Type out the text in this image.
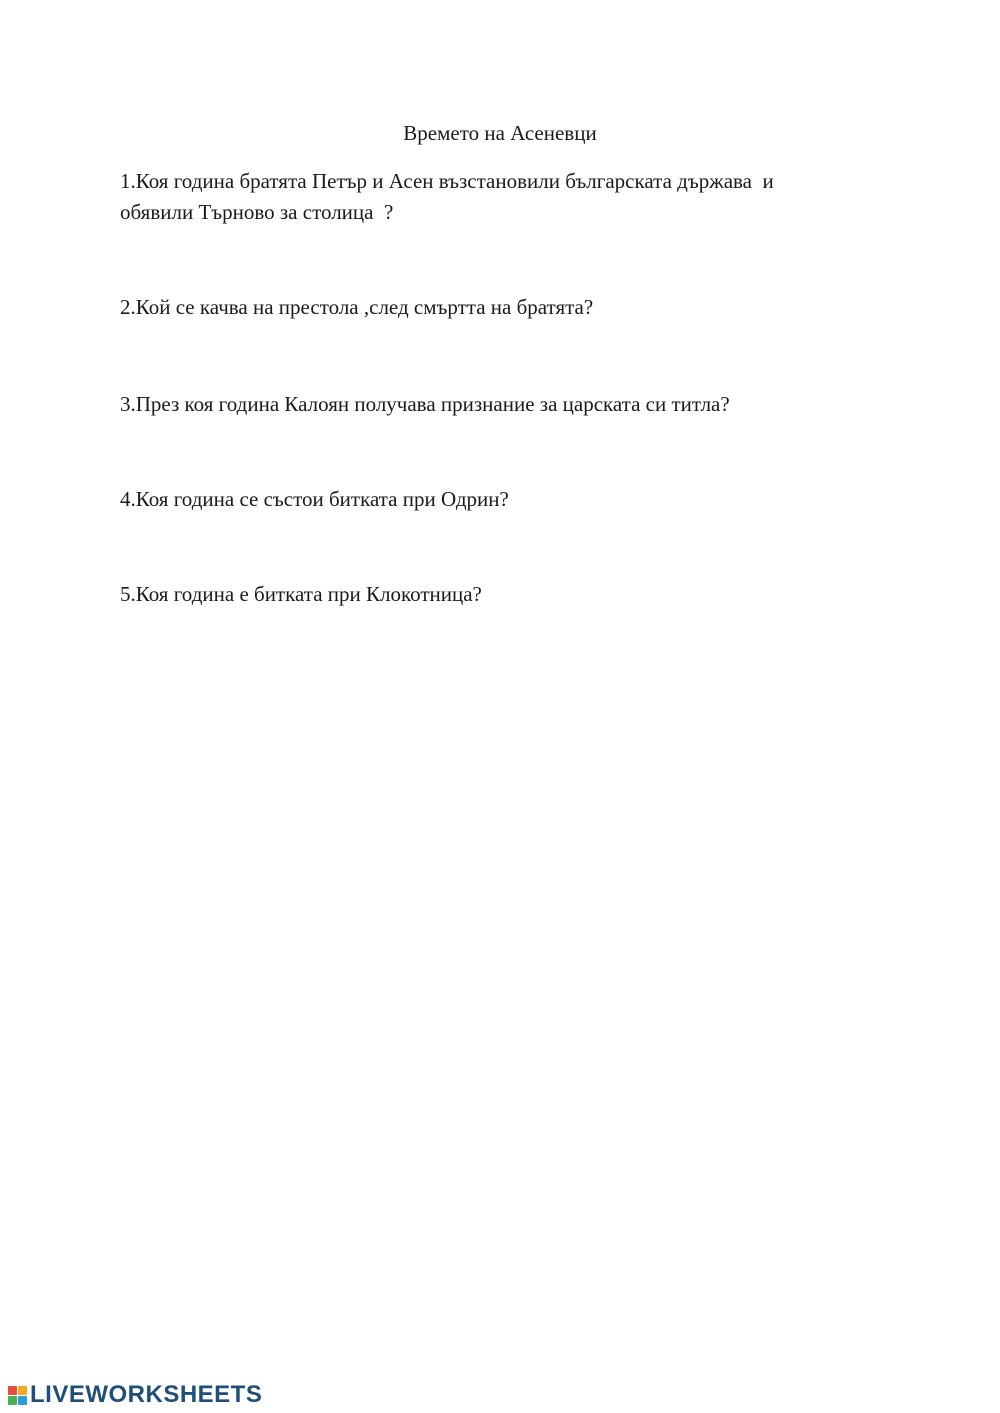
Времето на Асеневци

1.Коя година братята Петър и Асен възстановили българската държава  и
обявили Търново за столица  ?

2.Кой се качва на престола ,след смъртта на братята?

3.През коя година Калоян получава признание за царската си титла?

4.Коя година се състои битката при Одрин?

5.Коя година е битката при Клокотница?

LIVEWORKSHEETS
